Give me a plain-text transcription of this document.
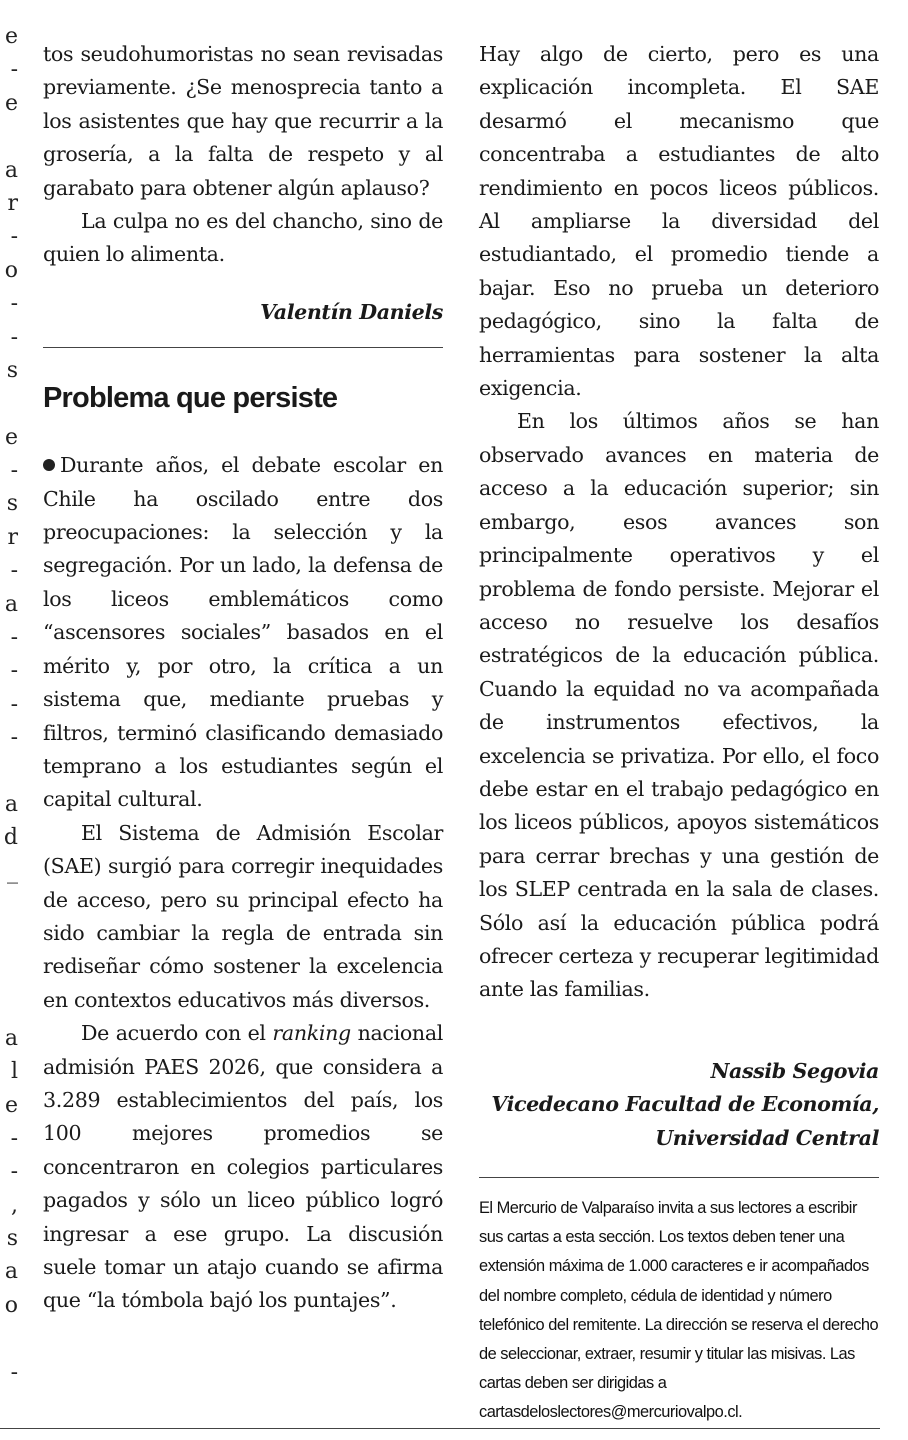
e
-
e
a
r
-
o
-
-
s
e
-
s
r
-
a
-
-
-
-
a
d
_
a
l
e
-
-
,
s
a
o
-

tos seudohumoristas no sean revisadas previamente. ¿Se menosprecia tanto a los asistentes que hay que recurrir a la grosería, a la falta de respeto y al garabato para obtener algún aplauso?

La culpa no es del chancho, sino de quien lo alimenta.

Valentín Daniels

Problema que persiste

Durante años, el debate escolar en Chile ha oscilado entre dos preocupaciones: la selección y la segregación. Por un lado, la defensa de los liceos emblemáticos como “ascensores sociales” basados en el mérito y, por otro, la crítica a un sistema que, mediante pruebas y filtros, terminó clasificando demasiado temprano a los estudiantes según el capital cultural.

El Sistema de Admisión Escolar (SAE) surgió para corregir inequidades de acceso, pero su principal efecto ha sido cambiar la regla de entrada sin rediseñar cómo sostener la excelencia en contextos educativos más diversos.

De acuerdo con el ranking nacional admisión PAES 2026, que considera a 3.289 establecimientos del país, los 100 mejores promedios se concentraron en colegios particulares pagados y sólo un liceo público logró ingresar a ese grupo. La discusión suele tomar un atajo cuando se afirma que “la tómbola bajó los puntajes”.

Hay algo de cierto, pero es una explicación incompleta. El SAE desarmó el mecanismo que concentraba a estudiantes de alto rendimiento en pocos liceos públicos. Al ampliarse la diversidad del estudiantado, el promedio tiende a bajar. Eso no prueba un deterioro pedagógico, sino la falta de herramientas para sostener la alta exigencia.

En los últimos años se han observado avances en materia de acceso a la educación superior; sin embargo, esos avances son principalmente operativos y el problema de fondo persiste. Mejorar el acceso no resuelve los desafíos estratégicos de la educación pública. Cuando la equidad no va acompañada de instrumentos efectivos, la excelencia se privatiza. Por ello, el foco debe estar en el trabajo pedagógico en los liceos públicos, apoyos sistemáticos para cerrar brechas y una gestión de los SLEP centrada en la sala de clases. Sólo así la educación pública podrá ofrecer certeza y recuperar legitimidad ante las familias.

Nassib Segovia

Vicedecano Facultad de Economía,

Universidad Central

El Mercurio de Valparaíso invita a sus lectores a escribir sus cartas a esta sección. Los textos deben tener una extensión máxima de 1.000 caracteres e ir acompañados del nombre completo, cédula de identidad y número telefónico del remitente. La dirección se reserva el derecho de seleccionar, extraer, resumir y titular las misivas. Las cartas deben ser dirigidas a cartasdeloslectores@mercuriovalpo.cl.
